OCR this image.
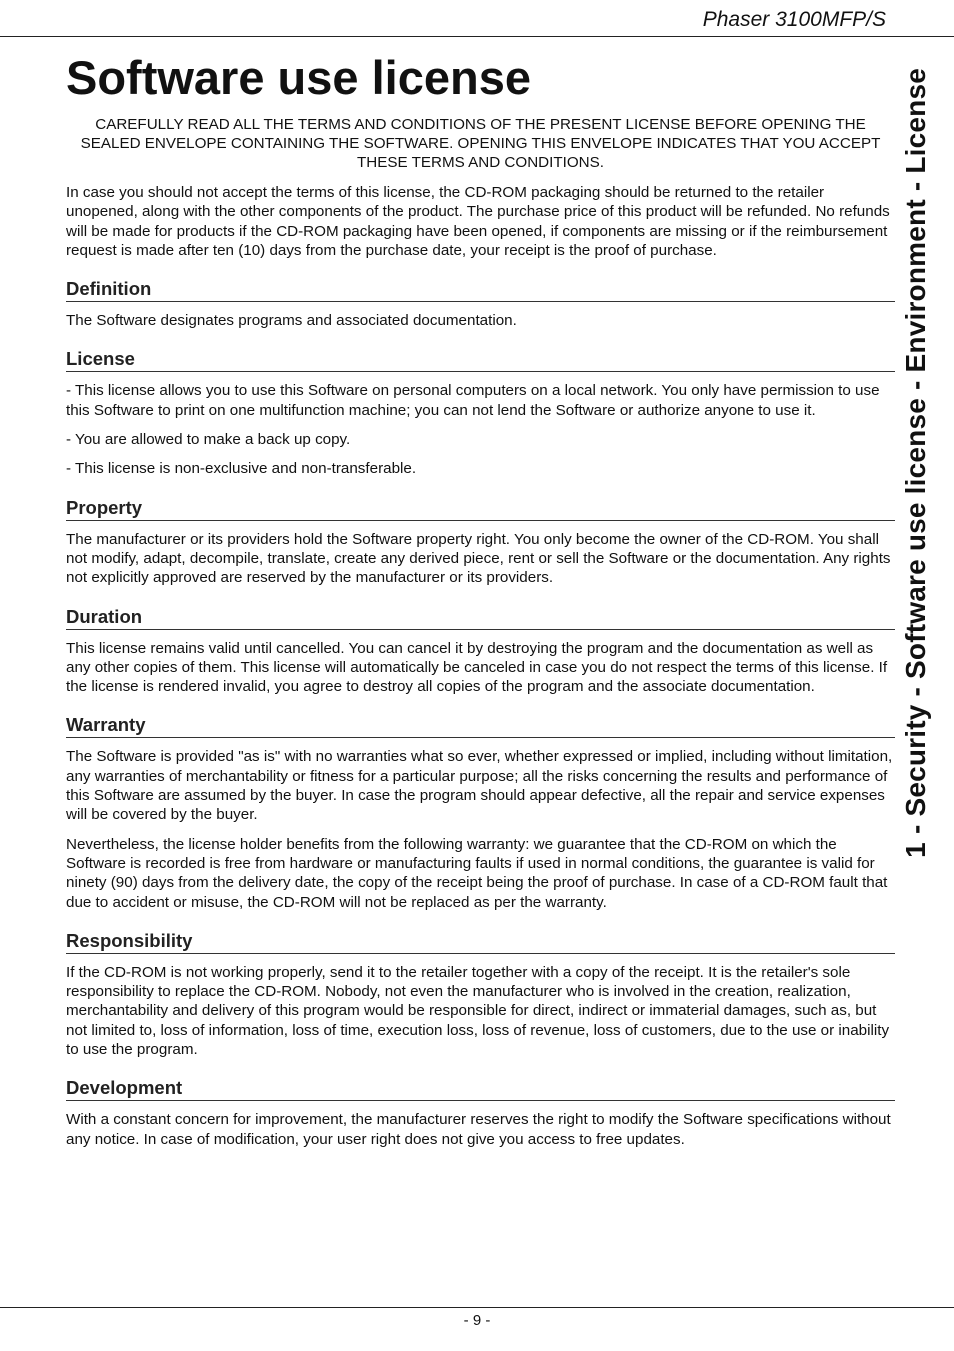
Phaser 3100MFP/S
1 - Security - Software use license - Environment - License
Software use license
CAREFULLY READ ALL THE TERMS AND CONDITIONS OF THE PRESENT LICENSE BEFORE OPENING THE SEALED ENVELOPE CONTAINING THE SOFTWARE. OPENING THIS ENVELOPE INDICATES THAT YOU ACCEPT THESE TERMS AND CONDITIONS.

In case you should not accept the terms of this license, the CD-ROM packaging should be returned to the retailer unopened, along with the other components of the product. The purchase price of this product will be refunded. No refunds will be made for products if the CD-ROM packaging have been opened, if components are missing or if the reimbursement request is made after ten (10) days from the purchase date, your receipt is the proof of purchase.

Definition

The Software designates programs and associated documentation.

License

- This license allows you to use this Software on personal computers on a local network. You only have permission to use this Software to print on one multifunction machine; you can not lend the Software or authorize anyone to use it.

- You are allowed to make a back up copy.

- This license is non-exclusive and non-transferable.

Property

The manufacturer or its providers hold the Software property right. You only become the owner of the CD-ROM. You shall not modify, adapt, decompile, translate, create any derived piece, rent or sell the Software or the documentation. Any rights not explicitly approved are reserved by the manufacturer or its providers.

Duration

This license remains valid until cancelled. You can cancel it by destroying the program and the documentation as well as any other copies of them. This license will automatically be canceled in case you do not respect the terms of this license. If the license is rendered invalid, you agree to destroy all copies of the program and the associate documentation.

Warranty

The Software is provided "as is" with no warranties what so ever, whether expressed or implied, including without limitation, any warranties of merchantability or fitness for a particular purpose; all the risks concerning the results and performance of this Software are assumed by the buyer. In case the program should appear defective, all the repair and service expenses will be covered by the buyer.

Nevertheless, the license holder benefits from the following warranty: we guarantee that the CD-ROM on which the Software is recorded is free from hardware or manufacturing faults if used in normal conditions, the guarantee is valid for ninety (90) days from the delivery date, the copy of the receipt being the proof of purchase. In case of a CD-ROM fault that due to accident or misuse, the CD-ROM will not be replaced as per the warranty.

Responsibility

If the CD-ROM is not working properly, send it to the retailer together with a copy of the receipt. It is the retailer's sole responsibility to replace the CD-ROM. Nobody, not even the manufacturer who is involved in the creation, realization, merchantability and delivery of this program would be responsible for direct, indirect or immaterial damages, such as, but not limited to, loss of information, loss of time, execution loss, loss of revenue, loss of customers, due to the use or inability to use the program.

Development

With a constant concern for improvement, the manufacturer reserves the right to modify the Software specifications without any notice. In case of modification, your user right does not give you access to free updates.

- 9 -
